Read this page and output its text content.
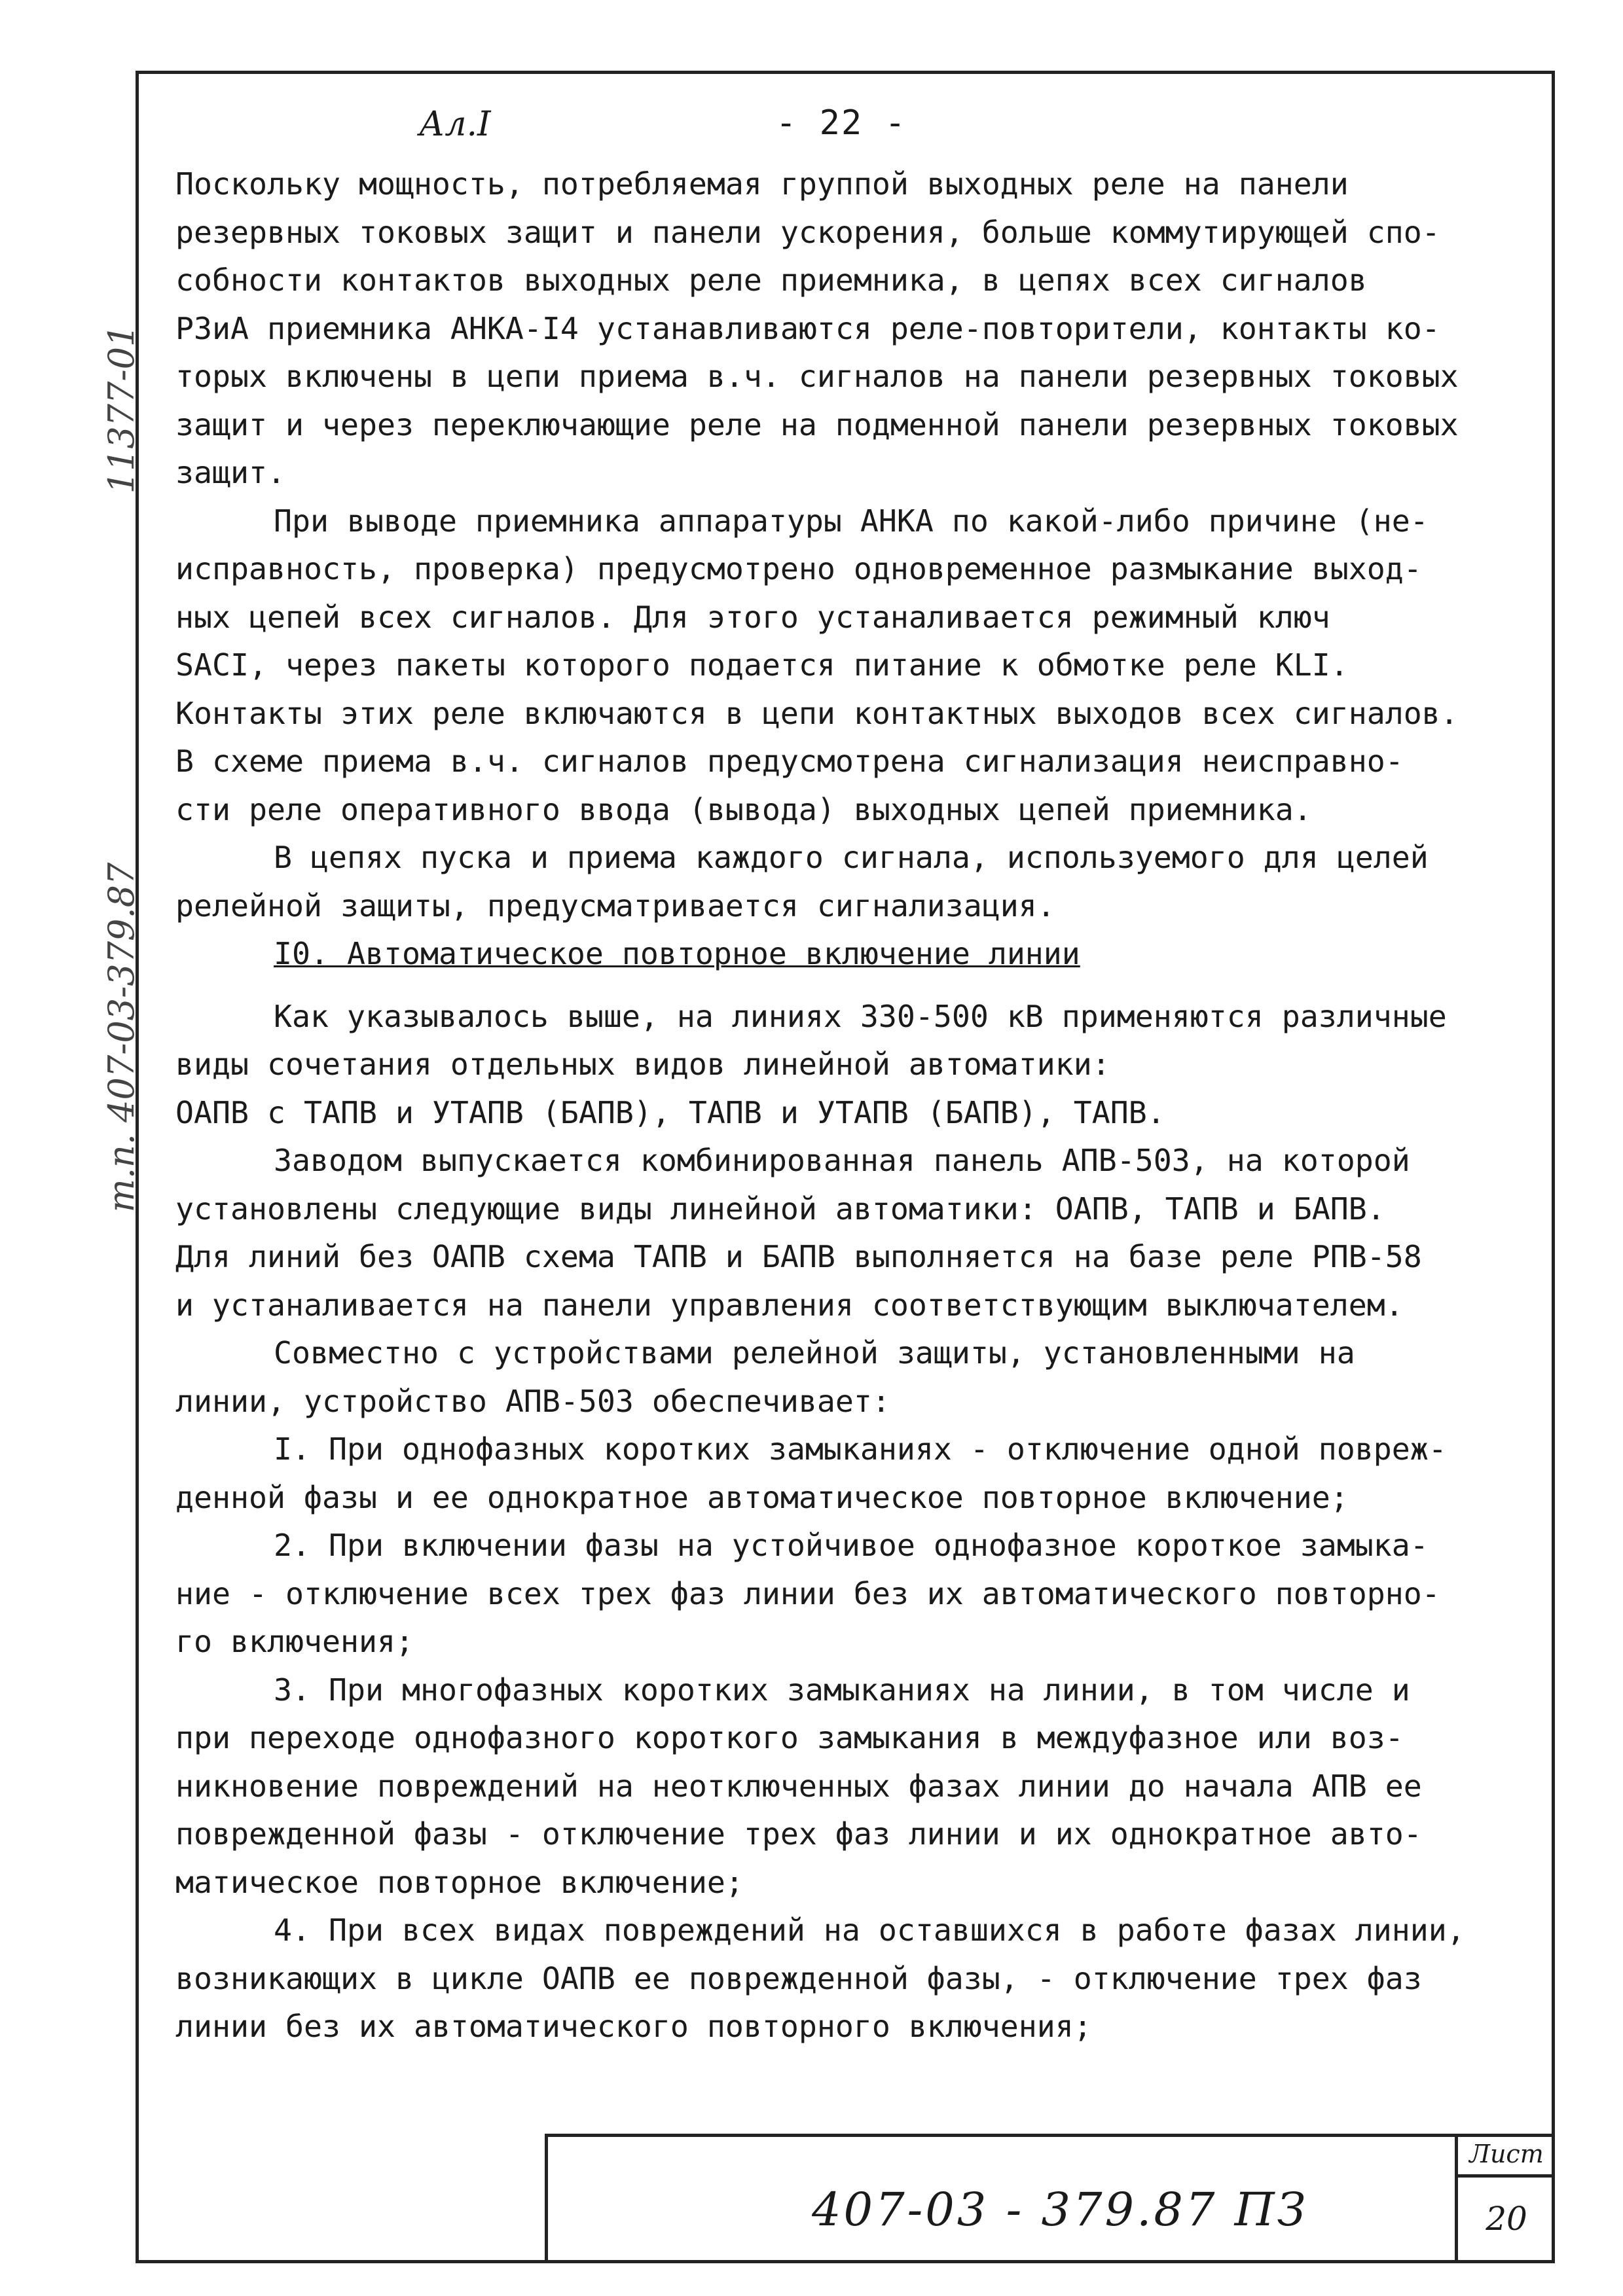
11377-01
т.п. 407-03-379.87
Ал.I	- 22 -
Поскольку мощность, потребляемая группой выходных реле на панели
резервных токовых защит и панели ускорения, больше коммутирующей спо-
собности контактов выходных реле приемника, в цепях всех сигналов
РЗиА приемника АНКА-I4 устанавливаются реле-повторители, контакты ко-
торых включены в цепи приема в.ч. сигналов на панели резервных токовых
защит и через переключающие реле на подменной панели резервных токовых
защит.
При выводе приемника аппаратуры АНКА по какой-либо причине (не-
исправность, проверка) предусмотрено одновременное размыкание выход-
ных цепей всех сигналов. Для этого устаналивается режимный ключ
SACI, через пакеты которого подается питание к обмотке реле KLI.
Контакты этих реле включаются в цепи контактных выходов всех сигналов.
В схеме приема в.ч. сигналов предусмотрена сигнализация неисправно-
сти реле оперативного ввода (вывода) выходных цепей приемника.
В цепях пуска и приема каждого сигнала, используемого для целей
релейной защиты, предусматривается сигнализация.
I0. Автоматическое повторное включение линии
Как указывалось выше, на линиях 330-500 кВ применяются различные
виды сочетания отдельных видов линейной автоматики:
ОАПВ с ТАПВ и УТАПВ (БАПВ), ТАПВ и УТАПВ (БАПВ), ТАПВ.
Заводом выпускается комбинированная панель АПВ-503, на которой
установлены следующие виды линейной автоматики: ОАПВ, ТАПВ и БАПВ.
Для линий без ОАПВ схема ТАПВ и БАПВ выполняется на базе реле РПВ-58
и устаналивается на панели управления соответствующим выключателем.
Совместно с устройствами релейной защиты, установленными на
линии, устройство АПВ-503 обеспечивает:
I. При однофазных коротких замыканиях - отключение одной повреж-
денной фазы и ее однократное автоматическое повторное включение;
2. При включении фазы на устойчивое однофазное короткое замыка-
ние - отключение всех трех фаз линии без их автоматического повторно-
го включения;
3. При многофазных коротких замыканиях на линии, в том числе и
при переходе однофазного короткого замыкания в междуфазное или воз-
никновение повреждений на неотключенных фазах линии до начала АПВ ее
поврежденной фазы - отключение трех фаз линии и их однократное авто-
матическое повторное включение;
4. При всех видах повреждений на оставшихся в работе фазах линии,
возникающих в цикле ОАПВ ее поврежденной фазы, - отключение трех фаз
линии без их автоматического повторного включения;
407-03 - 379.87 ПЗ
Лист
20
